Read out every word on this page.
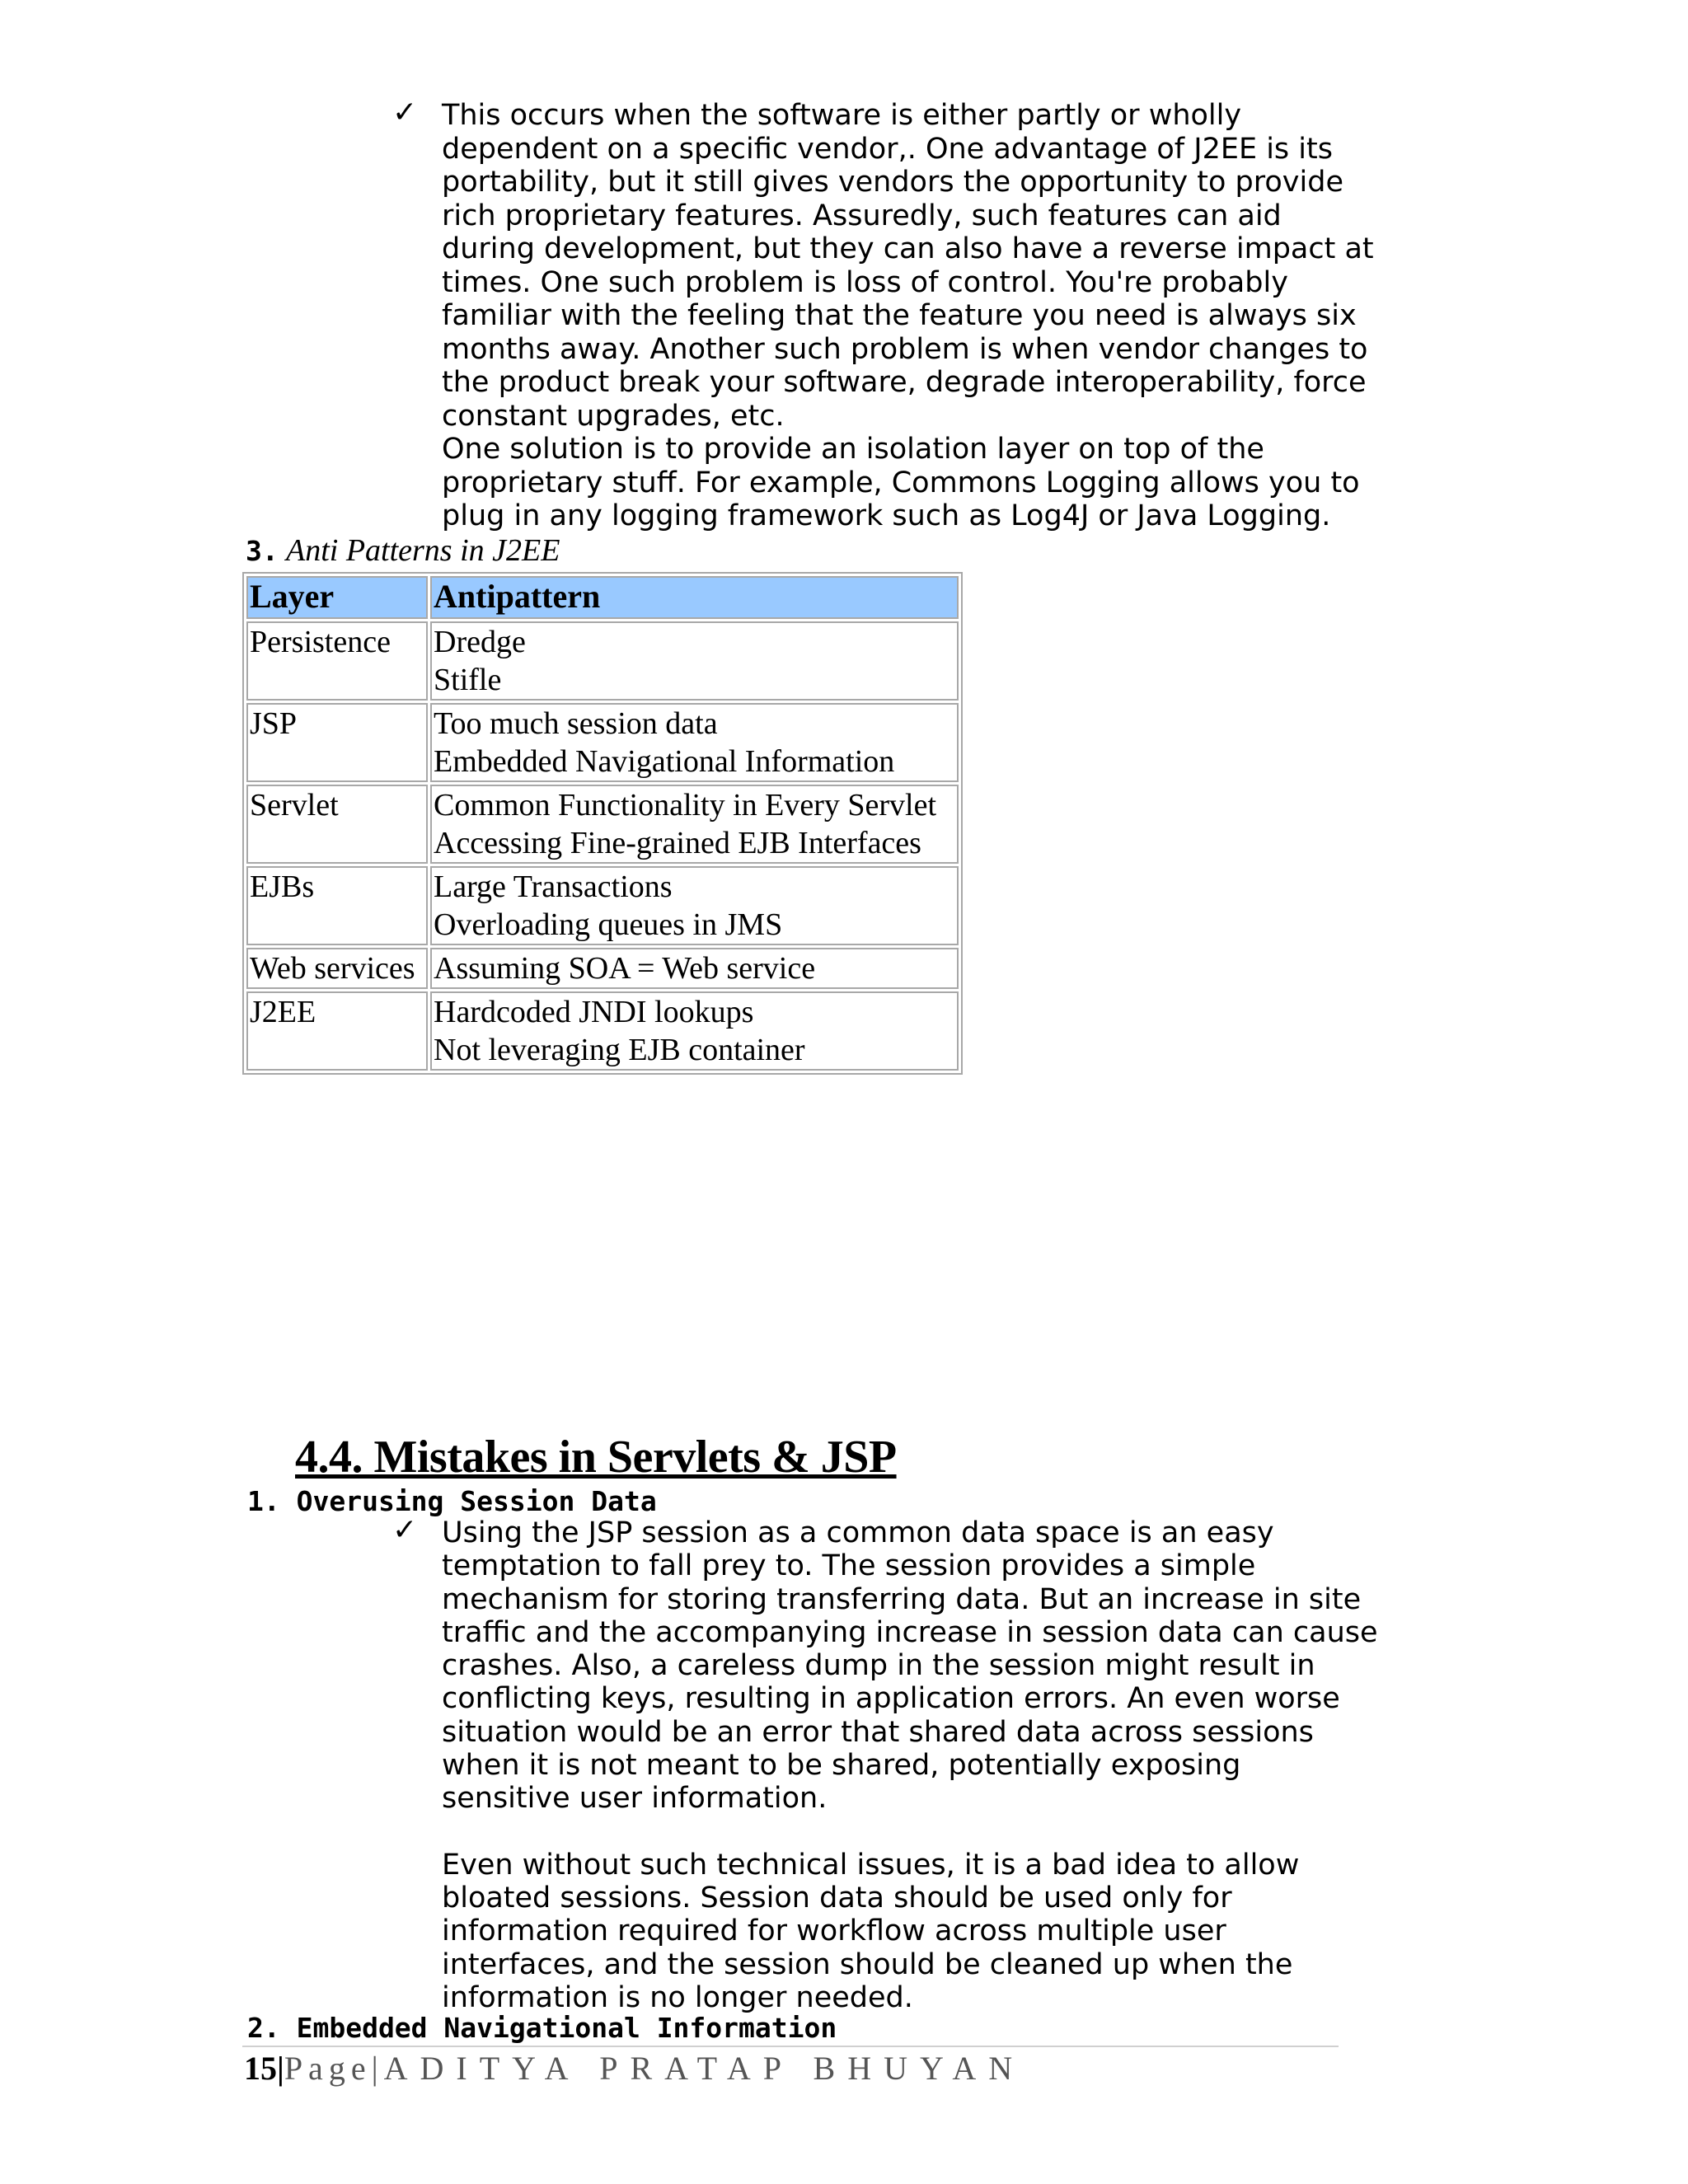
✓ This occurs when the software is either partly or wholly
dependent on a specific vendor,. One advantage of J2EE is its
portability, but it still gives vendors the opportunity to provide
rich proprietary features. Assuredly, such features can aid
during development, but they can also have a reverse impact at
times. One such problem is loss of control. You're probably
familiar with the feeling that the feature you need is always six
months away. Another such problem is when vendor changes to
the product break your software, degrade interoperability, force
constant upgrades, etc.
One solution is to provide an isolation layer on top of the
proprietary stuff. For example, Commons Logging allows you to
plug in any logging framework such as Log4J or Java Logging.
3. Anti Patterns in J2EE
Layer	Antipattern
Persistence	Dredge
Stifle

JSP	Too much session data
Embedded Navigational Information

Servlet	Common Functionality in Every Servlet
Accessing Fine-grained EJB Interfaces

EJBs	Large Transactions
Overloading queues in JMS

Web services	Assuming SOA = Web service

J2EE	Hardcoded JNDI lookups
Not leveraging EJB container
4.4. Mistakes in Servlets & JSP
1. Overusing Session Data
✓ Using the JSP session as a common data space is an easy
temptation to fall prey to. The session provides a simple
mechanism for storing transferring data. But an increase in site
traffic and the accompanying increase in session data can cause
crashes. Also, a careless dump in the session might result in
conflicting keys, resulting in application errors. An even worse
situation would be an error that shared data across sessions
when it is not meant to be shared, potentially exposing
sensitive user information.
Even without such technical issues, it is a bad idea to allow
bloated sessions. Session data should be used only for
information required for workflow across multiple user
interfaces, and the session should be cleaned up when the
information is no longer needed.
2. Embedded Navigational Information
15|Page|ADITYA PRATAP BHUYAN
